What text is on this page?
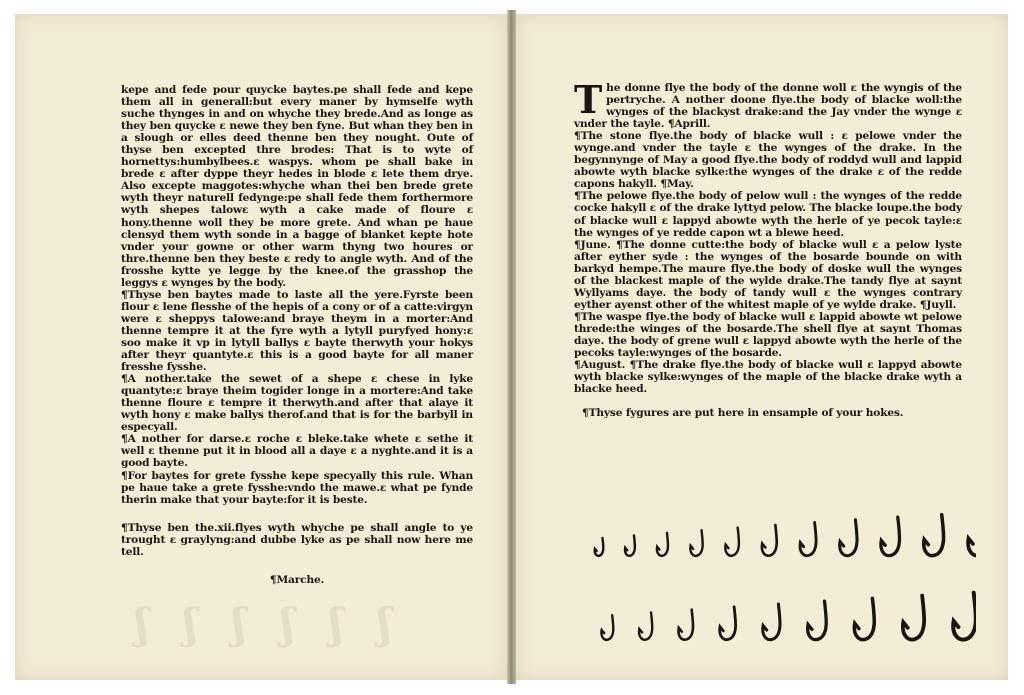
kepe and fede pour quycke baytes.pe shall fede and kepe them all in generall:but every maner by hymselfe wyth suche thynges in and on whyche they brede.And as longe as they ben quycke ɛ newe they ben fyne. But whan they ben in a slough or elles deed thenne ben they nought. Oute of thyse ben excepted thre brodes: That is to wyte of hornettys:humbylbees.ɛ waspys. whom pe shall bake in brede ɛ after dyppe theyr hedes in blode ɛ lete them drye. Also excepte maggotes:whyche whan thei ben brede grete wyth theyr naturell fedynge:pe shall fede them forthermore wyth shepes talowɛ wyth a cake made of floure ɛ hony.thenne woll they be more grete. And whan pe haue clensyd them wyth sonde in a bagge of blanket kepte hote vnder your gowne or other warm thyng two houres or thre.thenne ben they beste ɛ redy to angle wyth. And of the frosshe kytte ye legge by the knee.of the grasshop the leggys ɛ wynges by the body.

¶Thyse ben baytes made to laste all the yere.Fyrste been flour ɛ lene flesshe of the hepis of a cony or of a catte:virgyn were ɛ sheppys talowe:and braye theym in a morter:And thenne tempre it at the fyre wyth a lytyll puryfyed hony:ɛ soo make it vp in lytyll ballys ɛ bayte therwyth your hokys after theyr quantyte.ɛ this is a good bayte for all maner fresshe fysshe.

¶A nother.take the sewet of a shepe ɛ chese in lyke quantyte:ɛ braye theim togider longe in a mortere:And take thenne floure ɛ tempre it therwyth.and after that alaye it wyth hony ɛ make ballys therof.and that is for the barbyll in especyall.

¶A nother for darse.ɛ roche ɛ bleke.take whete ɛ sethe it well ɛ thenne put it in blood all a daye ɛ a nyghte.and it is a good bayte.

¶For baytes for grete fysshe kepe specyally this rule. Whan pe haue take a grete fysshe:vndo the mawe.ɛ what pe fynde therin make that your bayte:for it is beste.

¶Thyse ben the.xii.flyes wyth whyche pe shall angle to ye trought ɛ graylyng:and dubbe lyke as pe shall now here me tell.

¶Marche.

ʃ ʃ ʃ ʃ ʃ ʃ

The donne flye the body of the donne woll ɛ the wyngis of the pertryche. A nother doone flye.the body of blacke woll:the wynges of the blackyst drake:and the Jay vnder the wynge ɛ vnder the tayle. ¶Aprill.

¶The stone flye.the body of blacke wull : ɛ pelowe vnder the wynge.and vnder the tayle ɛ the wynges of the drake. In the begynnynge of May a good flye.the body of roddyd wull and lappid abowte wyth blacke sylke:the wynges of the drake ɛ of the redde capons hakyll. ¶May.

¶The pelowe flye.the body of pelow wull : the wynges of the redde cocke hakyll ɛ of the drake lyttyd pelow. The blacke loupe.the body of blacke wull ɛ lappyd abowte wyth the herle of ye pecok tayle:ɛ the wynges of ye redde capon wt a blewe heed.

¶June. ¶The donne cutte:the body of blacke wull ɛ a pelow lyste after eyther syde : the wynges of the bosarde bounde on with barkyd hempe.The maure flye.the body of doske wull the wynges of the blackest maple of the wylde drake.The tandy flye at saynt Wyllyams daye. the body of tandy wull ɛ the wynges contrary eyther ayenst other of the whitest maple of ye wylde drake. ¶Juyll.

¶The waspe flye.the body of blacke wull ɛ lappid abowte wt pelowe threde:the winges of the bosarde.The shell flye at saynt Thomas daye. the body of grene wull ɛ lappyd abowte wyth the herle of the pecoks tayle:wynges of the bosarde.

¶August. ¶The drake flye.the body of blacke wull ɛ lappyd abowte wyth blacke sylke:wynges of the maple of the blacke drake wyth a blacke heed.

¶Thyse fygures are put here in ensample of your hokes.
